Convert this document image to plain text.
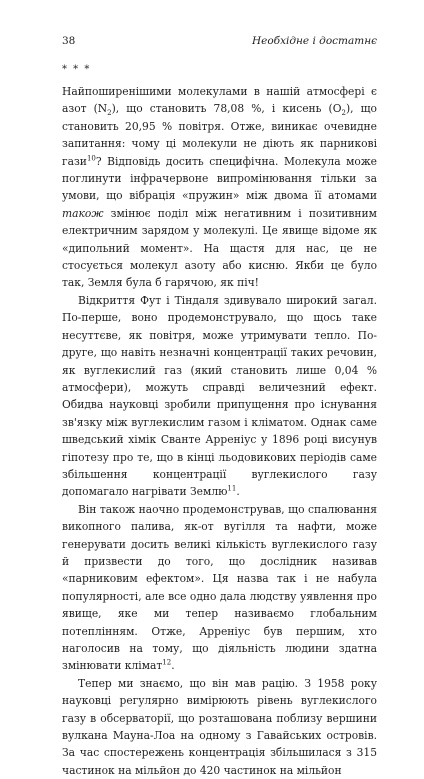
38	Необхідне і достатнє
* * *

Найпоширенішими молекулами в нашій атмосфері є азот $(N_2)$, що становить 78,08 %, і кисень $(O_2)$, що становить 20,95 % повітря. Отже, виникає очевидне запитання: чому ці молекули не діють як парникові гази$^{10}$? Відповідь досить специфічна. Молекула може поглинути інфрачервоне випромінювання тільки за умови, що вібрація «пружин» між двома її атомами також змінює поділ між негативним і позитивним електричним зарядом у молекулі. Це явище відоме як «дипольний момент». На щастя для нас, це не стосується молекул азоту або кисню. Якби це було так, Земля була б гарячою, як піч!

Відкриття Фут і Тіндаля здивувало широкий загал. По-перше, воно продемонструвало, що щось таке несуттєве, як повітря, може утримувати тепло. По-друге, що навіть незначні концентрації таких речовин, як вуглекислий газ (який становить лише 0,04 % атмосфери), можуть справді величезний ефект. Обидва науковці зробили припущення про існування зв'язку між вуглекислим газом і кліматом. Однак саме шведський хімік Сванте Арреніус у 1896 році висунув гіпотезу про те, що в кінці льодовикових періодів саме збільшення концентрації вуглекислого газу допомагало нагрівати Землю$^{11}$.

Він також наочно продемонстрував, що спалювання викопного палива, як-от вугілля та нафти, може генерувати досить великі кількість вуглекислого газу й призвести до того, що дослідник називав «парниковим ефектом». Ця назва так і не набула популярності, але все одно дала людству уявлення про явище, яке ми тепер називаємо глобальним потеплінням. Отже, Арреніус був першим, хто наголосив на тому, що діяльність людини здатна змінювати клімат$^{12}$.

Тепер ми знаємо, що він мав рацію. З 1958 року науковці регулярно вимірюють рівень вуглекислого газу в обсерваторії, що розташована поблизу вершини вулкана Мауна-Лоа на одному з Гавайських островів. За час спостережень концентрація збільшилася з 315 частинок на мільйон до 420 частинок на мільйон
